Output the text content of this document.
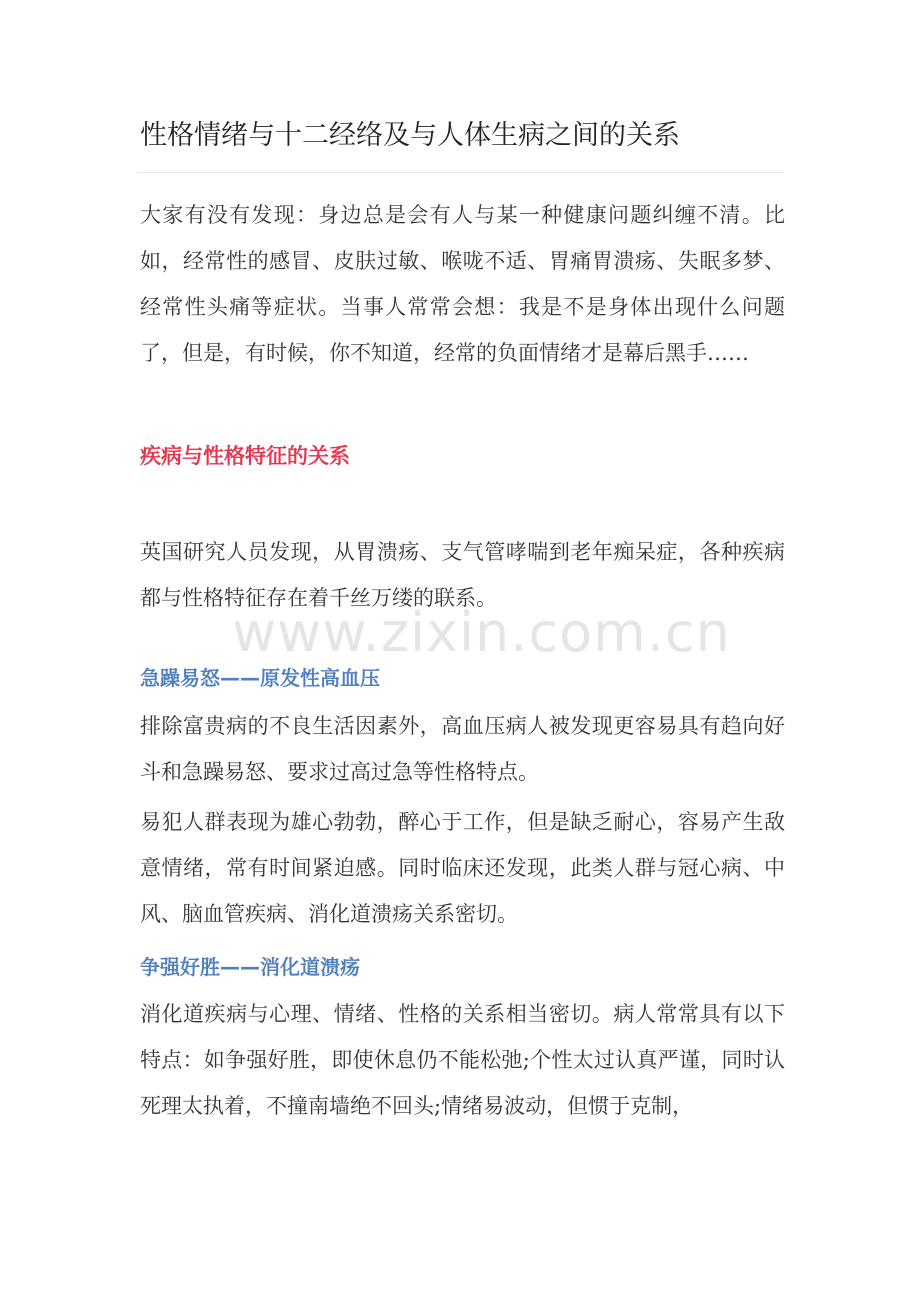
性格情绪与十二经络及与人体生病之间的关系

大家有没有发现：身边总是会有人与某一种健康问题纠缠不清。比如，经常性的感冒、皮肤过敏、喉咙不适、胃痛胃溃疡、失眠多梦、经常性头痛等症状。当事人常常会想：我是不是身体出现什么问题了，但是，有时候，你不知道，经常的负面情绪才是幕后黑手……

疾病与性格特征的关系

英国研究人员发现，从胃溃疡、支气管哮喘到老年痴呆症，各种疾病都与性格特征存在着千丝万缕的联系。

www.zixin.com.cn
急躁易怒——原发性高血压

排除富贵病的不良生活因素外，高血压病人被发现更容易具有趋向好斗和急躁易怒、要求过高过急等性格特点。

易犯人群表现为雄心勃勃，醉心于工作，但是缺乏耐心，容易产生敌意情绪，常有时间紧迫感。同时临床还发现，此类人群与冠心病、中风、脑血管疾病、消化道溃疡关系密切。

争强好胜——消化道溃疡

消化道疾病与心理、情绪、性格的关系相当密切。病人常常具有以下特点：如争强好胜，即使休息仍不能松弛;个性太过认真严谨，同时认死理太执着，不撞南墙绝不回头;情绪易波动，但惯于克制，
